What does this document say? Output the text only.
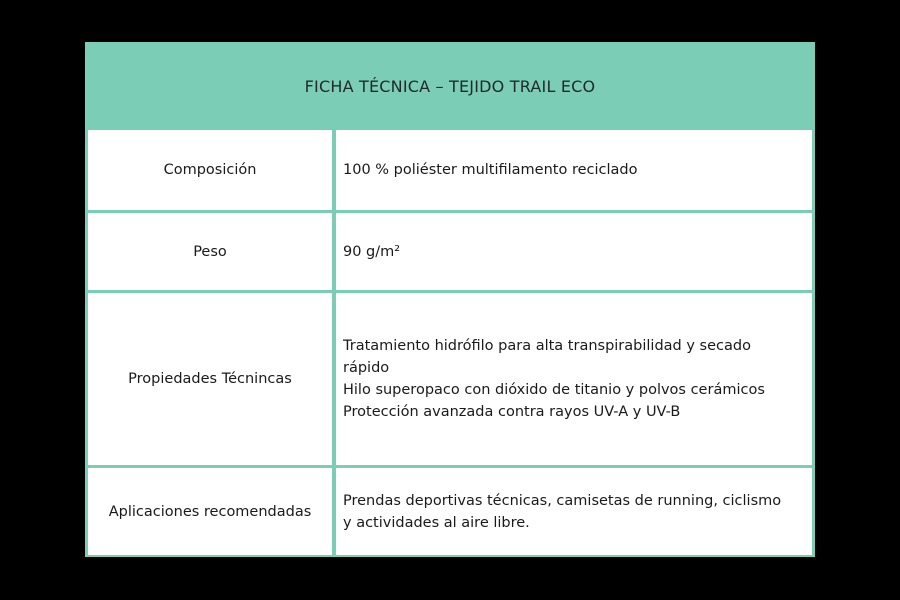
FICHA TÉCNICA – TEJIDO TRAIL ECO
Composición	100 % poliéster multifilamento reciclado
Peso	90 g/m²
Propiedades Técnincas
Tratamiento hidrófilo para alta transpirabilidad y secado
rápido
Hilo superopaco con dióxido de titanio y polvos cerámicos
Protección avanzada contra rayos UV-A y UV-B
Aplicaciones recomendadas
Prendas deportivas técnicas, camisetas de running, ciclismo
y actividades al aire libre.
